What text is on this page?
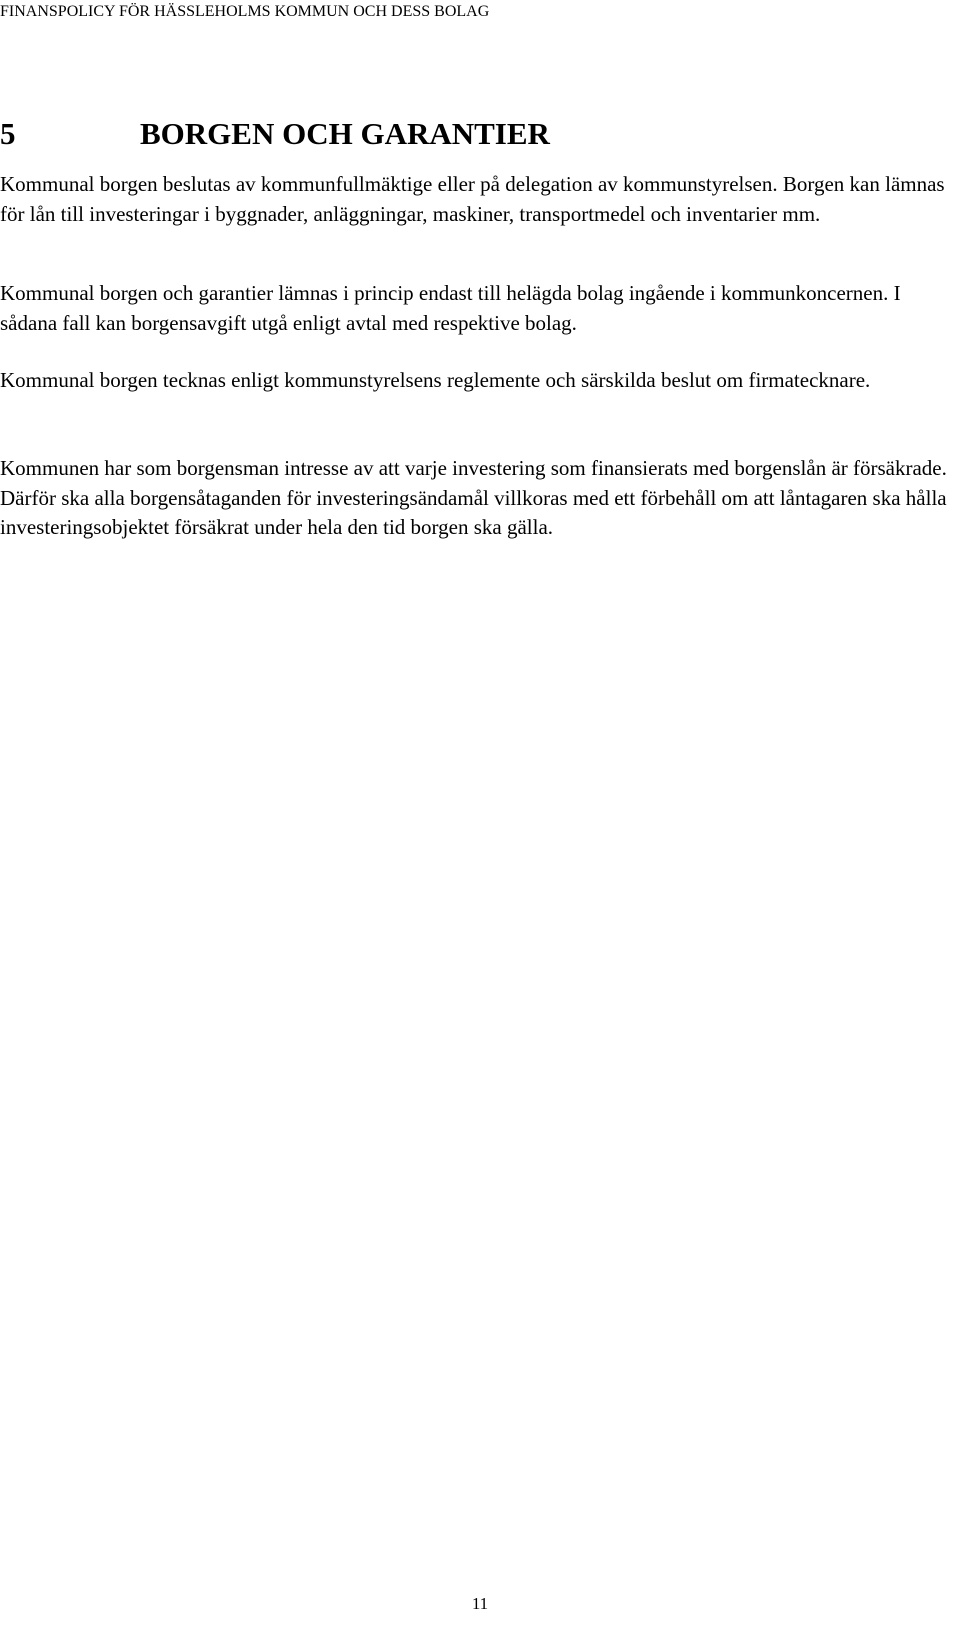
FINANSPOLICY FÖR HÄSSLEHOLMS KOMMUN OCH DESS BOLAG
5	BORGEN OCH GARANTIER

Kommunal borgen beslutas av kommunfullmäktige eller på delegation av kommunstyrelsen. Borgen kan lämnas för lån till investeringar i byggnader, anläggningar, maskiner, transportmedel och inventarier mm.

Kommunal borgen och garantier lämnas i princip endast till helägda bolag ingående i kommunkoncernen. I sådana fall kan borgensavgift utgå enligt avtal med respektive bolag.

Kommunal borgen tecknas enligt kommunstyrelsens reglemente och särskilda beslut om firmatecknare.

Kommunen har som borgensman intresse av att varje investering som finansierats med borgenslån är försäkrade. Därför ska alla borgensåtaganden för investeringsändamål villkoras med ett förbehåll om att låntagaren ska hålla investeringsobjektet försäkrat under hela den tid borgen ska gälla.

11
